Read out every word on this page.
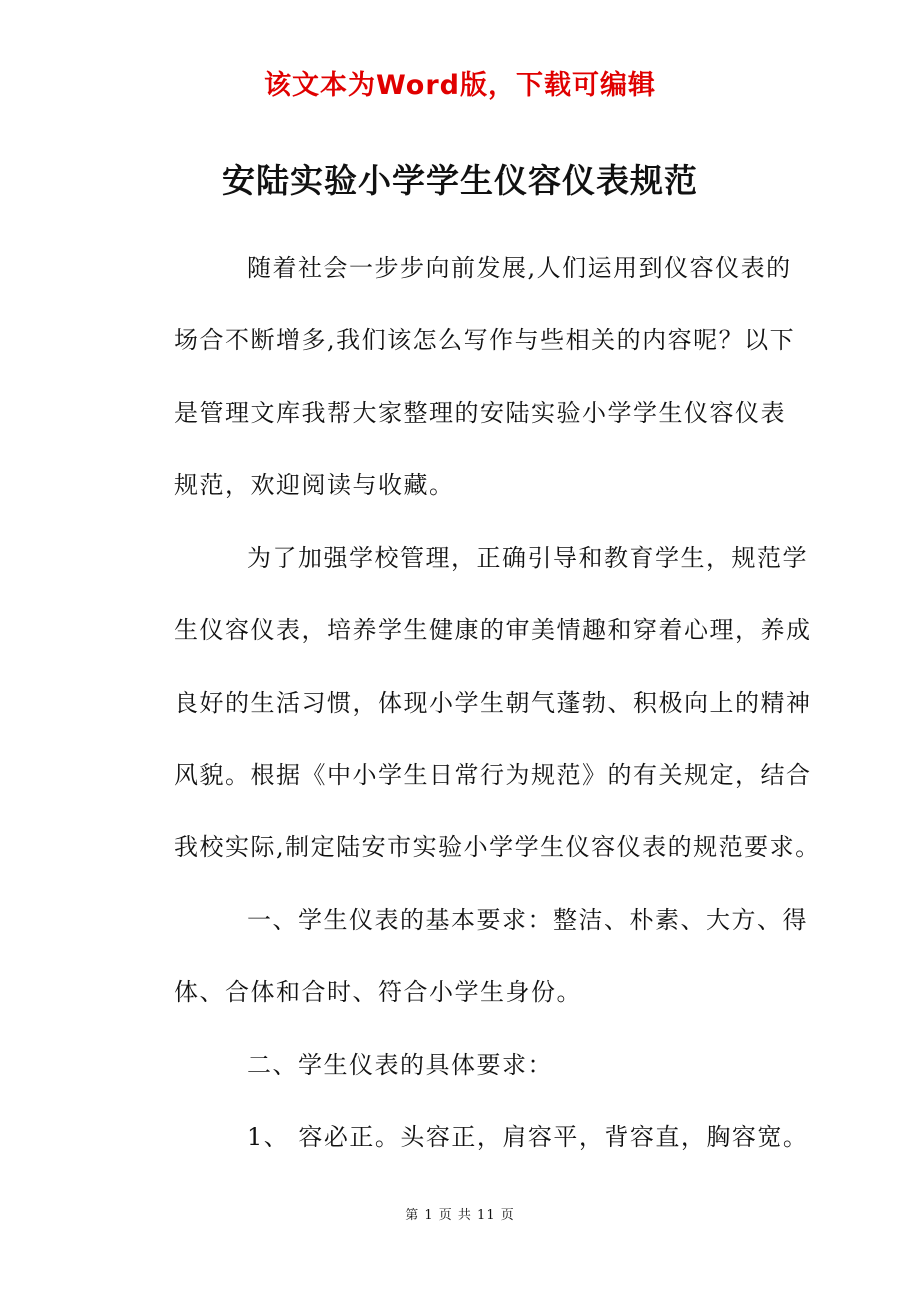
该文本为Word版，下载可编辑
安陆实验小学学生仪容仪表规范
随着社会一步步向前发展,人们运用到仪容仪表的
场合不断增多,我们该怎么写作与些相关的内容呢？以下
是管理文库我帮大家整理的安陆实验小学学生仪容仪表
规范，欢迎阅读与收藏。
为了加强学校管理，正确引导和教育学生，规范学
生仪容仪表，培养学生健康的审美情趣和穿着心理，养成
良好的生活习惯，体现小学生朝气蓬勃、积极向上的精神
风貌。根据《中小学生日常行为规范》的有关规定，结合
我校实际,制定陆安市实验小学学生仪容仪表的规范要求。
一、学生仪表的基本要求：整洁、朴素、大方、得
体、合体和合时、符合小学生身份。
二、学生仪表的具体要求：
1、 容必正。头容正，肩容平，背容直，胸容宽。
第 1 页 共 11 页
